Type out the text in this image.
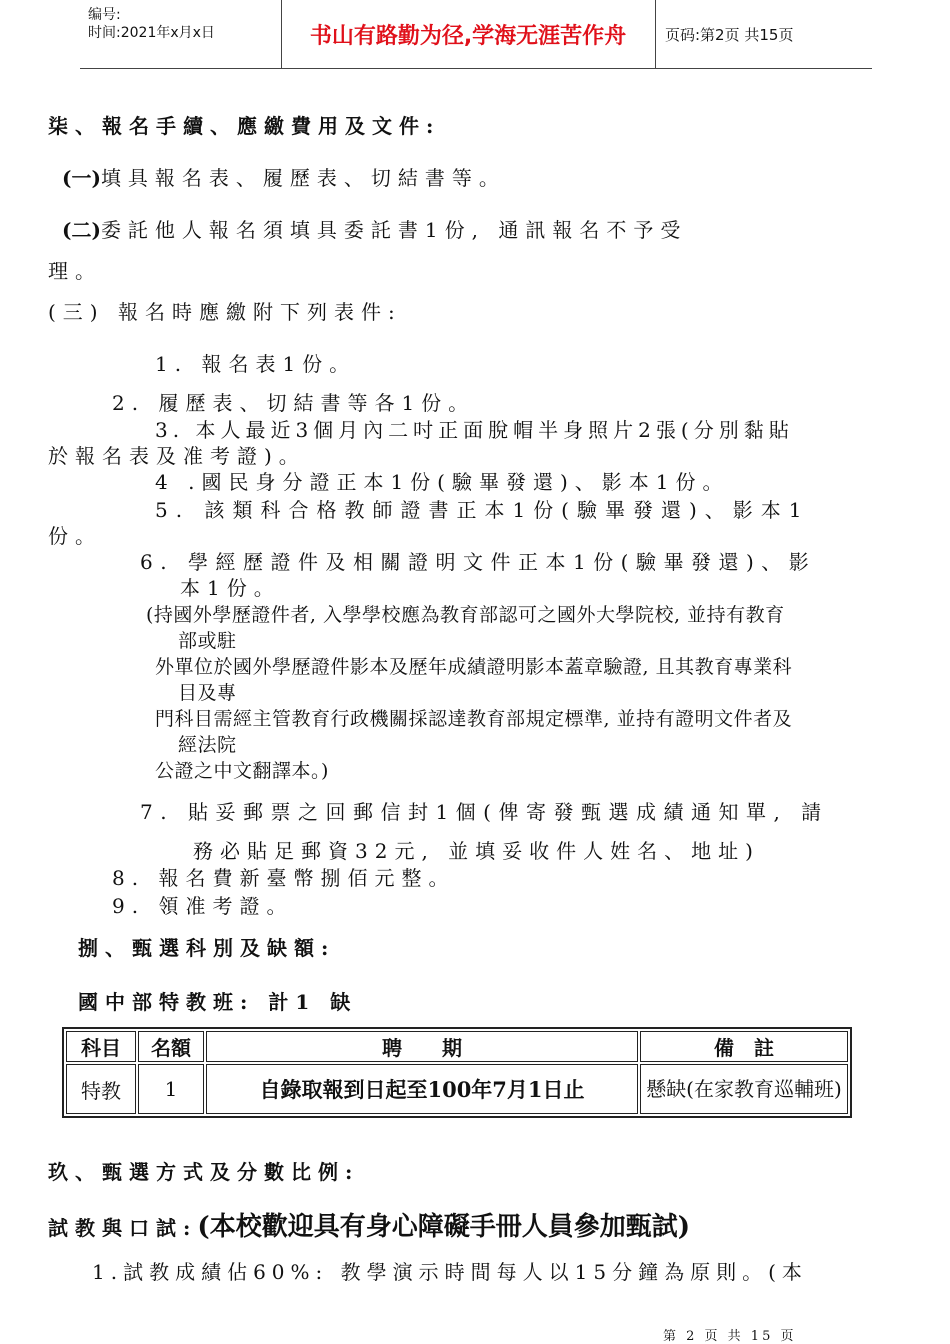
编号:
时间:2021年x月x日	书山有路勤为径,学海无涯苦作舟	页码:第2页 共15页
柒、報名手續、應繳費用及文件:
(一)填具報名表、履歷表、切結書等。
(二)委託他人報名須填具委託書1份, 通訊報名不予受
理。
(三) 報名時應繳附下列表件:
1. 報名表1份。
2. 履歷表、切結書等各1份。
3. 本人最近3個月內二吋正面脫帽半身照片2張(分別黏貼
於報名表及准考證)。
4 .國民身分證正本1份(驗畢發還)、影本1份。
5. 該類科合格教師證書正本1份(驗畢發還)、影本1
份。
6. 學經歷證件及相關證明文件正本1份(驗畢發還)、影
本1份。
(持國外學歷證件者, 入學學校應為教育部認可之國外大學院校, 並持有教育
部或駐
外單位於國外學歷證件影本及歷年成績證明影本蓋章驗證, 且其教育專業科
目及專
門科目需經主管教育行政機關採認達教育部規定標準, 並持有證明文件者及
經法院
公證之中文翻譯本。)
7. 貼妥郵票之回郵信封1個(俾寄發甄選成績通知單, 請
務必貼足郵資32元, 並填妥收件人姓名、地址)
8. 報名費新臺幣捌佰元整。
9. 領准考證。
捌、甄選科別及缺額:
國中部特教班: 計1 缺
科目	名額	聘　　期	備　註
特教	1	自錄取報到日起至100年7月1日止	懸缺(在家教育巡輔班)
玖、甄選方式及分數比例:
試教與口試:(本校歡迎具有身心障礙手冊人員參加甄試)
1.試教成績佔60%: 教學演示時間每人以15分鐘為原則。(本
第 2 页 共 15 页
